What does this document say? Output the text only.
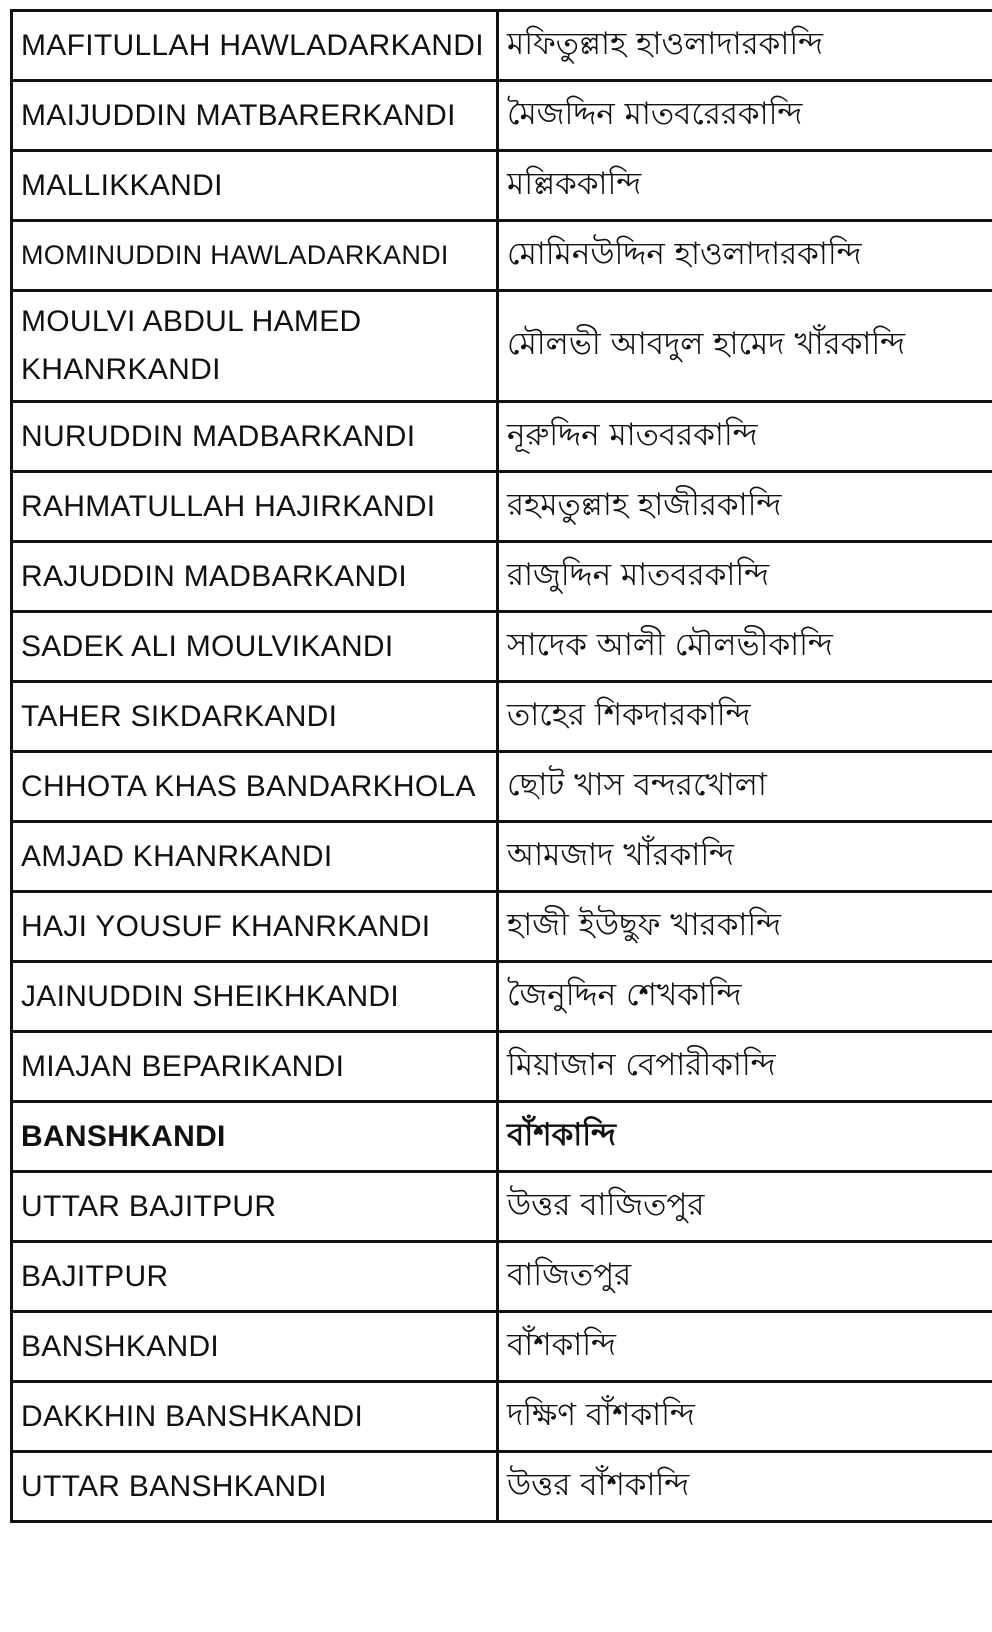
MAFITULLAH HAWLADARKANDI	মফিতুল্লাহ হাওলাদারকান্দি
MAIJUDDIN MATBARERKANDI	মৈজদ্দিন মাতবরেরকান্দি
MALLIKKANDI	মল্লিককান্দি
MOMINUDDIN HAWLADARKANDI	মোমিনউদ্দিন হাওলাদারকান্দি
MOULVI ABDUL HAMED KHANRKANDI	মৌলভী আবদুল হামেদ খাঁরকান্দি
NURUDDIN MADBARKANDI	নূরুদ্দিন মাতবরকান্দি
RAHMATULLAH HAJIRKANDI	রহমতুল্লাহ হাজীরকান্দি
RAJUDDIN MADBARKANDI	রাজুদ্দিন মাতবরকান্দি
SADEK ALI MOULVIKANDI	সাদেক আলী মৌলভীকান্দি
TAHER SIKDARKANDI	তাহের শিকদারকান্দি
CHHOTA KHAS BANDARKHOLA	ছোট খাস বন্দরখোলা
AMJAD KHANRKANDI	আমজাদ খাঁরকান্দি
HAJI YOUSUF KHANRKANDI	হাজী ইউছুফ খারকান্দি
JAINUDDIN SHEIKHKANDI	জৈনুদ্দিন শেখকান্দি
MIAJAN BEPARIKANDI	মিয়াজান বেপারীকান্দি
BANSHKANDI	বাঁশকান্দি
UTTAR BAJITPUR	উত্তর বাজিতপুর
BAJITPUR	বাজিতপুর
BANSHKANDI	বাঁশকান্দি
DAKKHIN BANSHKANDI	দক্ষিণ বাঁশকান্দি
UTTAR BANSHKANDI	উত্তর বাঁশকান্দি
